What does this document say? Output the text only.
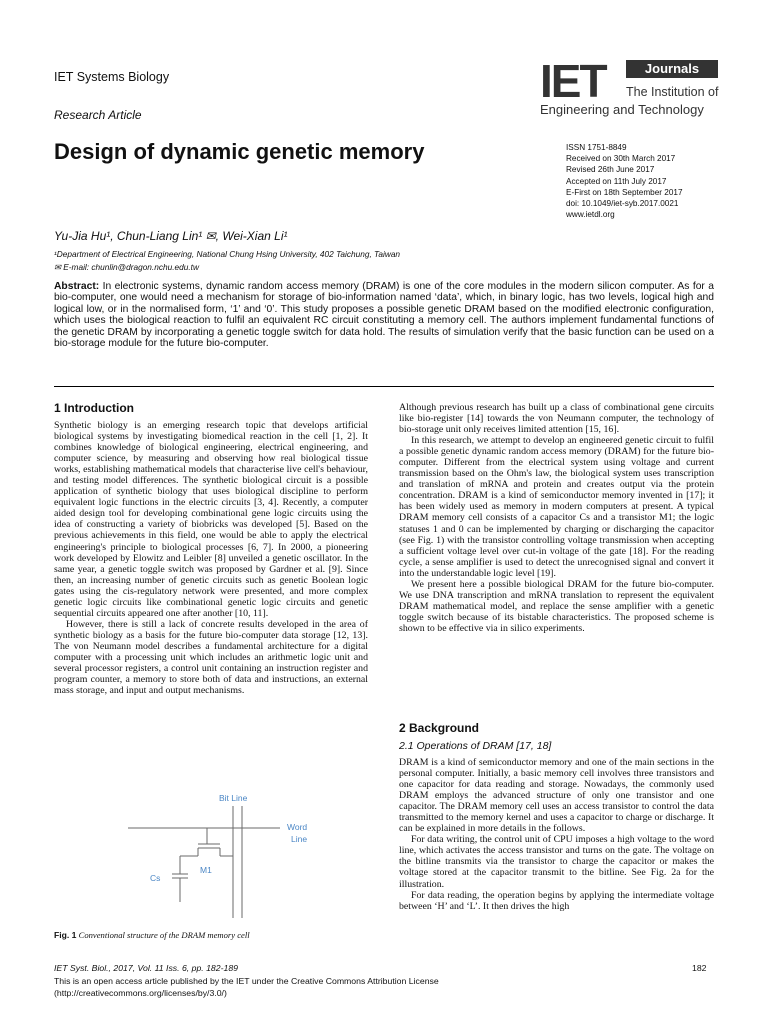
IET Systems Biology
Research Article
IET	Journals
The Institution of
Engineering and Technology
Design of dynamic genetic memory	ISSN 1751-8849
Received on 30th March 2017
Revised 26th June 2017
Accepted on 11th July 2017
E-First on 18th September 2017
doi: 10.1049/iet-syb.2017.0021
www.ietdl.org
Yu-Jia Hu¹, Chun-Liang Lin¹ ✉, Wei-Xian Li¹
¹Department of Electrical Engineering, National Chung Hsing University, 402 Taichung, Taiwan
✉ E-mail: chunlin@dragon.nchu.edu.tw
Abstract: In electronic systems, dynamic random access memory (DRAM) is one of the core modules in the modern silicon computer. As for a bio-computer, one would need a mechanism for storage of bio-information named ‘data’, which, in binary logic, has two levels, logical high and logical low, or in the normalised form, ‘1’ and ‘0’. This study proposes a possible genetic DRAM based on the modified electronic configuration, which uses the biological reaction to fulfil an equivalent RC circuit constituting a memory cell. The authors implement fundamental functions of the genetic DRAM by incorporating a genetic toggle switch for data hold. The results of simulation verify that the basic function can be used on a bio-storage module for the future bio-computer.
1 Introduction

Synthetic biology is an emerging research topic that develops artificial biological systems by investigating biomedical reaction in the cell [1, 2]. It combines knowledge of biological engineering, electrical engineering, and computer science, by measuring and observing how real biological tissue works, establishing mathematical models that characterise live cell's behaviour, and testing model differences. The synthetic biological circuit is a possible application of synthetic biology that uses biological discipline to perform equivalent logic functions in the electric circuits [3, 4]. Recently, a computer aided design tool for developing combinational gene logic circuits using the idea of constructing a variety of biobricks was developed [5]. Based on the previous achievements in this field, one would be able to apply the electrical engineering's principle to biological processes [6, 7]. In 2000, a pioneering work developed by Elowitz and Leibler [8] unveiled a genetic oscillator. In the same year, a genetic toggle switch was proposed by Gardner et al. [9]. Since then, an increasing number of genetic circuits such as genetic Boolean logic gates using the cis-regulatory network were presented, and more complex genetic logic circuits like combinational genetic logic circuits and genetic sequential circuits appeared one after another [10, 11].

However, there is still a lack of concrete results developed in the area of synthetic biology as a basis for the future bio-computer data storage [12, 13]. The von Neumann model describes a fundamental architecture for a digital computer with a processing unit which includes an arithmetic logic unit and several processor registers, a control unit containing an instruction register and program counter, a memory to store both of data and instructions, an external mass storage, and input and output mechanisms.

Although previous research has built up a class of combinational gene circuits like bio-register [14] towards the von Neumann computer, the technology of bio-storage unit only receives limited attention [15, 16].

In this research, we attempt to develop an engineered genetic circuit to fulfil a possible genetic dynamic random access memory (DRAM) for the future bio-computer. Different from the electrical system using voltage and current transmission based on the Ohm's law, the biological system uses transcription and translation of mRNA and protein and creates output via the protein concentration. DRAM is a kind of semiconductor memory invented in [17]; it has been widely used as memory in modern computers at present. A typical DRAM memory cell consists of a capacitor Cs and a transistor M1; the logic statuses 1 and 0 can be implemented by charging or discharging the capacitor (see Fig. 1) with the transistor controlling voltage transmission when accepting a sufficient voltage level over cut-in voltage of the gate [18]. For the reading cycle, a sense amplifier is used to detect the unrecognised signal and convert it into the understandable logic level [19].

We present here a possible biological DRAM for the future bio-computer. We use DNA transcription and mRNA translation to represent the equivalent DRAM mathematical model, and replace the sense amplifier with a genetic toggle switch because of its bistable characteristics. The proposed scheme is shown to be effective via in silico experiments.

2 Background
2.1 Operations of DRAM [17, 18]

DRAM is a kind of semiconductor memory and one of the main sections in the personal computer. Initially, a basic memory cell involves three transistors and one capacitor for data reading and storage. Nowadays, the commonly used DRAM employs the advanced structure of only one transistor and one capacitor. The DRAM memory cell uses an access transistor to control the data transmitted to the memory kernel and uses a capacitor to charge or discharge. It can be explained in more details in the follows.

For data writing, the control unit of CPU imposes a high voltage to the word line, which activates the access transistor and turns on the gate. The voltage on the bitline transmits via the transistor to charge the capacitor or makes the voltage stored at the capacitor transmit to the bitline. See Fig. 2a for the illustration.

For data reading, the operation begins by applying the intermediate voltage between ‘H’ and ‘L’. It then drives the high

Bit Line
Word
Line
M1
Cs
Fig. 1 Conventional structure of the DRAM memory cell
IET Syst. Biol., 2017, Vol. 11 Iss. 6, pp. 182-189	182
This is an open access article published by the IET under the Creative Commons Attribution License
(http://creativecommons.org/licenses/by/3.0/)
